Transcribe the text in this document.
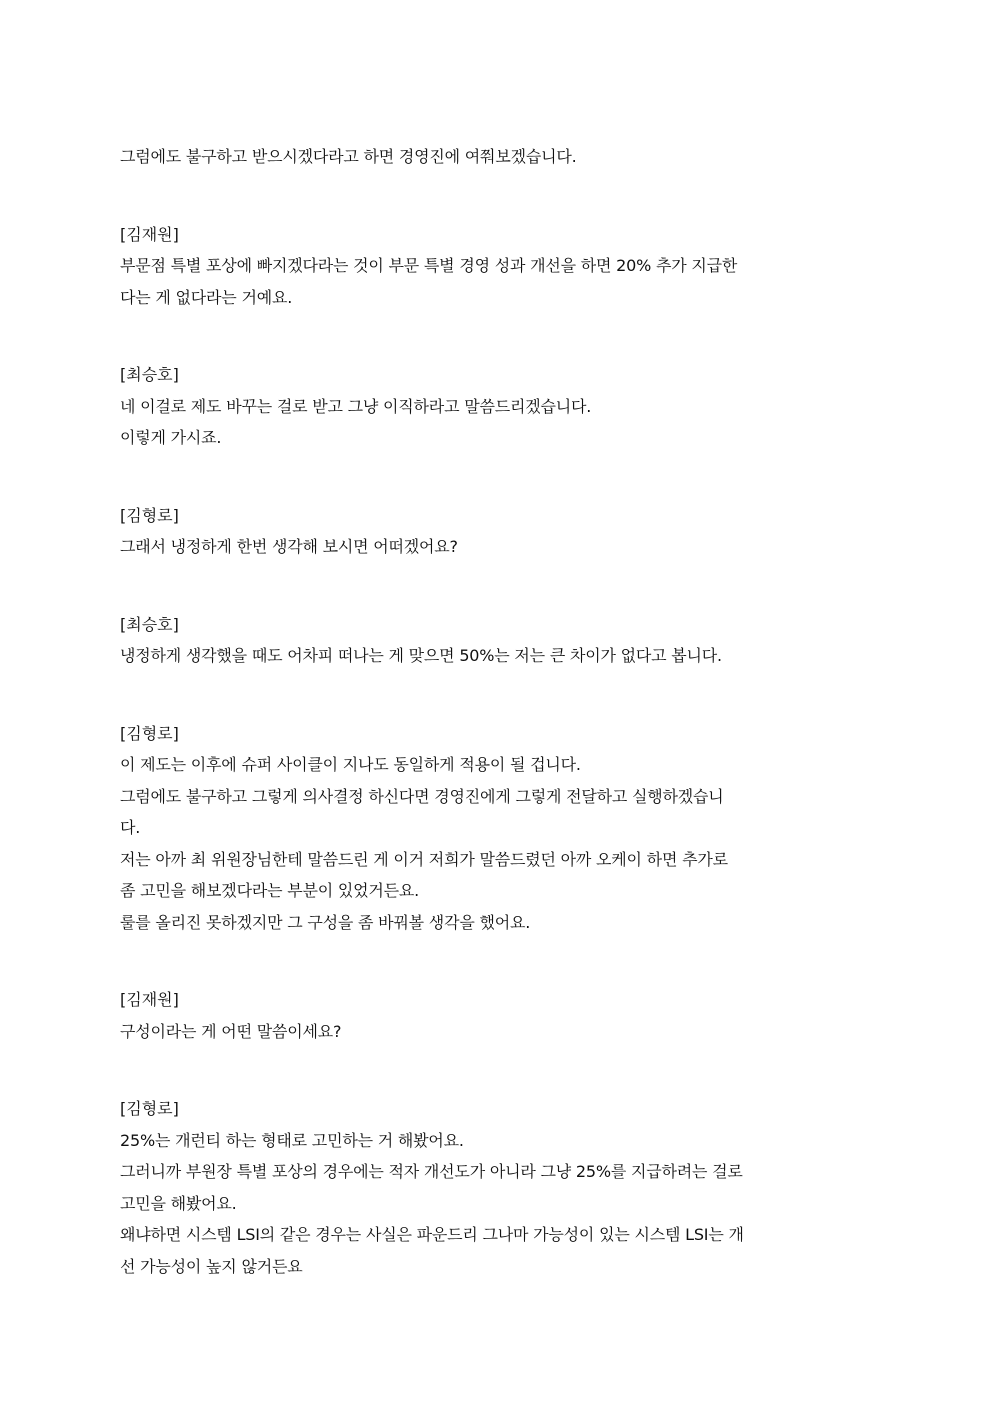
그럼에도 불구하고 받으시겠다라고 하면 경영진에 여쭤보겠습니다.
[김재원]
부문점 특별 포상에 빠지겠다라는 것이 부문 특별 경영 성과 개선을 하면 20% 추가 지급한
다는 게 없다라는 거예요.
[최승호]
네 이걸로 제도 바꾸는 걸로 받고 그냥 이직하라고 말씀드리겠습니다.
이렇게 가시죠.
[김형로]
그래서 냉정하게 한번 생각해 보시면 어떠겠어요?
[최승호]
냉정하게 생각했을 때도 어차피 떠나는 게 맞으면 50%는 저는 큰 차이가 없다고 봅니다.
[김형로]
이 제도는 이후에 슈퍼 사이클이 지나도 동일하게 적용이 될 겁니다.
그럼에도 불구하고 그렇게 의사결정 하신다면 경영진에게 그렇게 전달하고 실행하겠습니
다.
저는 아까 최 위원장님한테 말씀드린 게 이거 저희가 말씀드렸던 아까 오케이 하면 추가로
좀 고민을 해보겠다라는 부분이 있었거든요.
룰를 올리진 못하겠지만 그 구성을 좀 바꿔볼 생각을 했어요.
[김재원]
구성이라는 게 어떤 말씀이세요?
[김형로]
25%는 개런티 하는 형태로 고민하는 거 해봤어요.
그러니까 부원장 특별 포상의 경우에는 적자 개선도가 아니라 그냥 25%를 지급하려는 걸로
고민을 해봤어요.
왜냐하면 시스템 LSI의 같은 경우는 사실은 파운드리 그나마 가능성이 있는 시스템 LSI는 개
선 가능성이 높지 않거든요
